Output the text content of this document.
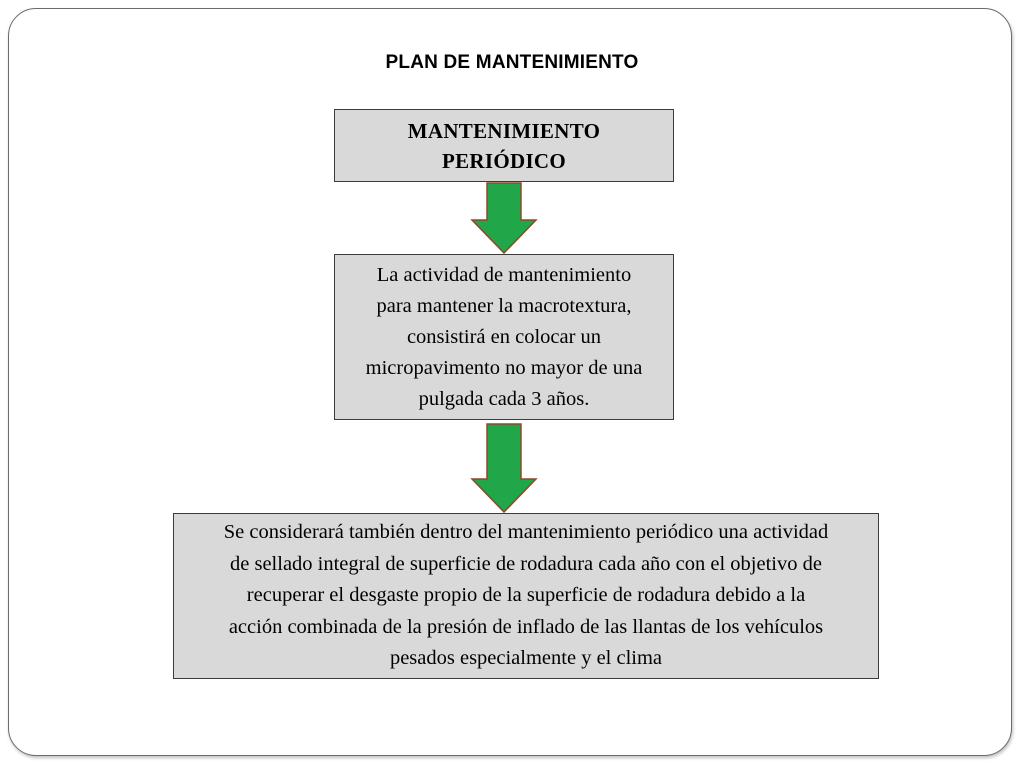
PLAN DE MANTENIMIENTO
MANTENIMIENTO
PERIÓDICO
La actividad de mantenimiento
para mantener la macrotextura,
consistirá en colocar un
micropavimento no mayor de una
pulgada cada 3 años.
Se considerará también dentro del mantenimiento periódico una actividad
de sellado integral de superficie de rodadura cada año con el objetivo de
recuperar el desgaste propio de la superficie de rodadura debido a la
acción combinada de la presión de inflado de las llantas de los vehículos
pesados especialmente y el clima
